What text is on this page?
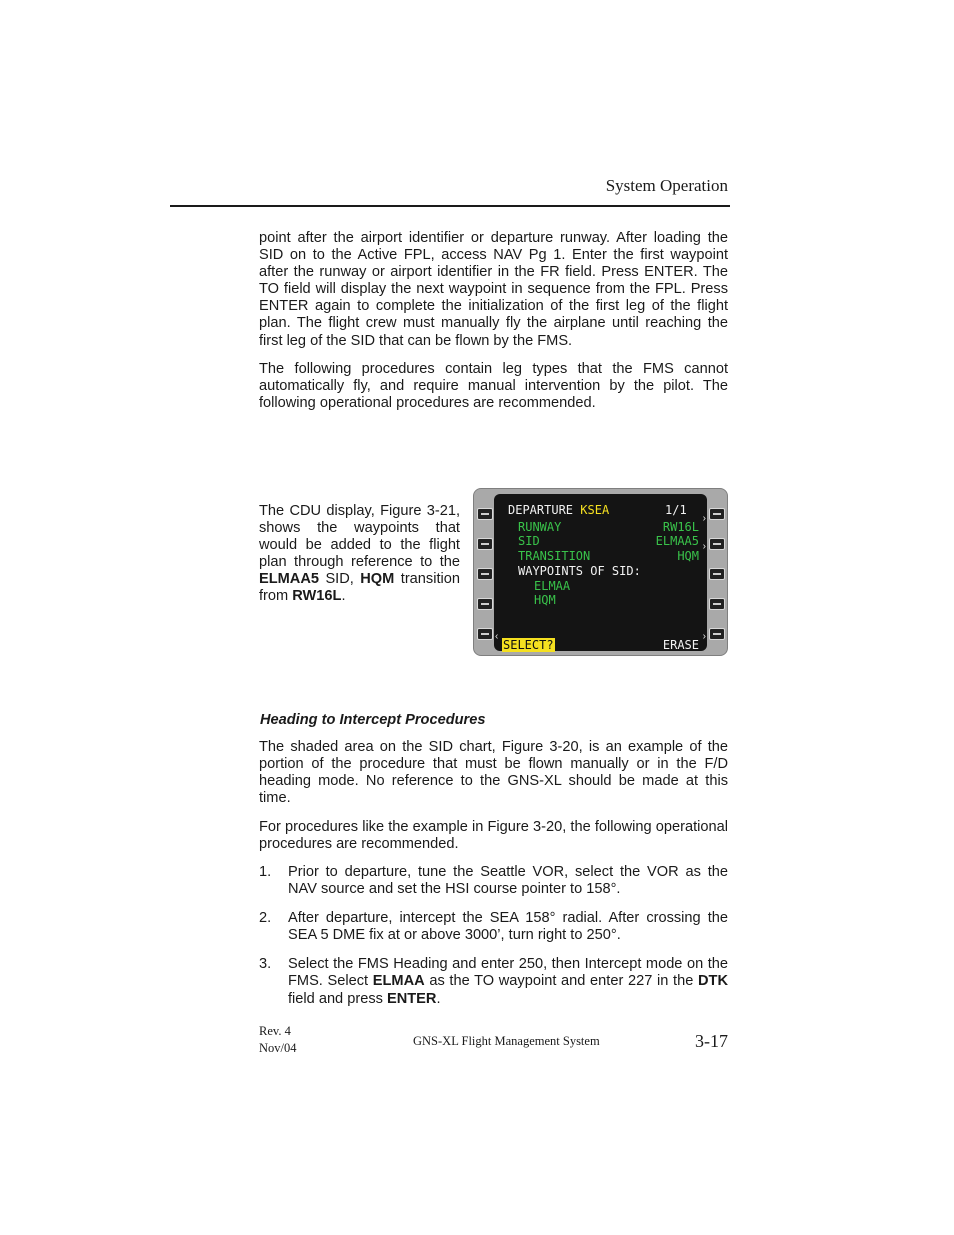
System Operation
point after the airport identifier or departure runway. After loading the SID on to the Active FPL, access NAV Pg 1. Enter the first waypoint after the runway or airport identifier in the FR field. Press ENTER. The TO field will display the next waypoint in sequence from the FPL. Press ENTER again to complete the initialization of the first leg of the flight plan. The flight crew must manually fly the airplane until reaching the first leg of the SID that can be flown by the FMS.
The following procedures contain leg types that the FMS cannot automatically fly, and require manual intervention by the pilot. The following operational procedures are recommended.
The CDU display, Figure 3-21, shows the waypoints that would be added to the flight plan through reference to the ELMAA5 SID, HQM transition from RW16L.
DEPARTURE KSEA	1/1
RUNWAY	RW16L
›
SID	ELMAA5 ›
TRANSITION	HQM
WAYPOINTS OF SID:
ELMAA
HQM
‹
SELECT?	ERASE
›
Heading to Intercept Procedures
The shaded area on the SID chart, Figure 3-20, is an example of the portion of the procedure that must be flown manually or in the F/D heading mode. No reference to the GNS-XL should be made at this time.
For procedures like the example in Figure 3-20, the following operational procedures are recommended.
1. Prior to departure, tune the Seattle VOR, select the VOR as the NAV source and set the HSI course pointer to 158°.
2. After departure, intercept the SEA 158° radial. After crossing the SEA 5 DME fix at or above 3000’, turn right to 250°.
3. Select the FMS Heading and enter 250, then Intercept mode on the FMS. Select ELMAA as the TO waypoint and enter 227 in the DTK field and press ENTER.
Rev. 4
Nov/04	GNS-XL Flight Management System	3-17
